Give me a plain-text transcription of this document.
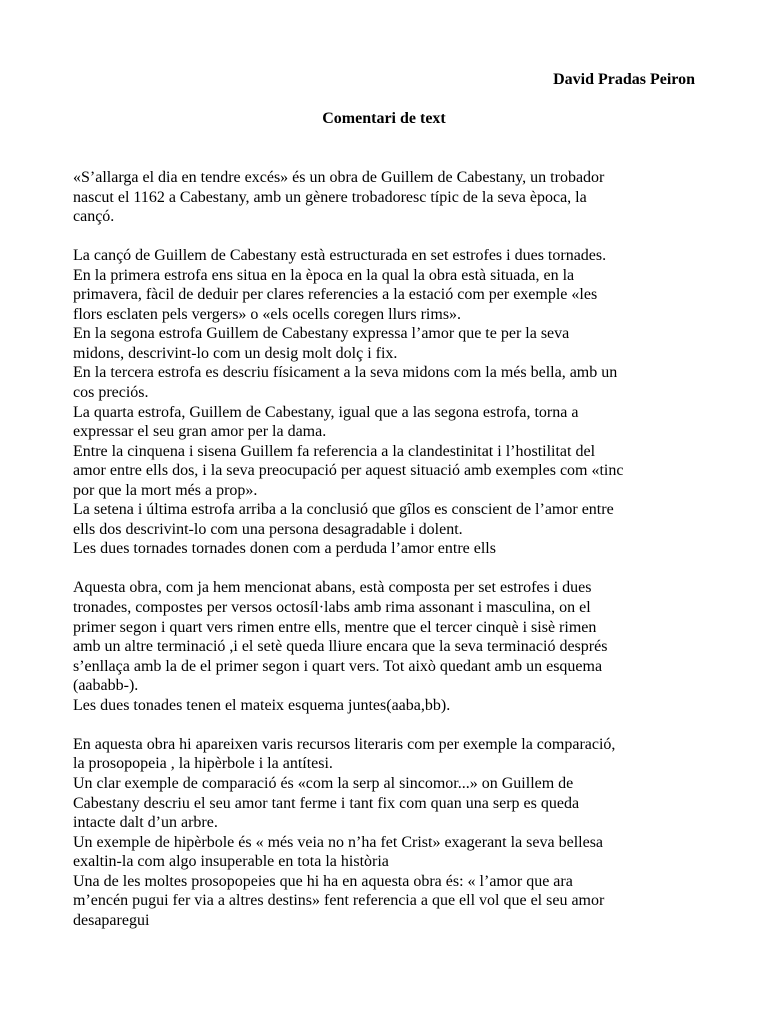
David Pradas Peiron
Comentari de text
«S’allarga el dia en tendre excés» és un obra de Guillem de Cabestany, un trobador
nascut el 1162 a Cabestany, amb un gènere trobadoresc típic de la seva època, la
cançó.
La cançó de Guillem de Cabestany està estructurada en set estrofes i dues tornades.
En la primera estrofa ens situa en la època en la qual la obra està situada, en la
primavera, fàcil de deduir per clares referencies a la estació com per exemple «les
flors esclaten pels vergers» o «els ocells coregen llurs rims».
En la segona estrofa Guillem de Cabestany expressa l’amor que te per la seva
midons, descrivint-lo com un desig molt dolç i fix.
En la tercera estrofa es descriu físicament a la seva midons com la més bella, amb un
cos preciós.
La quarta estrofa, Guillem de Cabestany, igual que a las segona estrofa, torna a
expressar el seu gran amor per la dama.
Entre la cinquena i sisena Guillem fa referencia a la clandestinitat i l’hostilitat del
amor entre ells dos, i la seva preocupació per aquest situació amb exemples com «tinc
por que la mort més a prop».
La setena i última estrofa arriba a la conclusió que gîlos es conscient de l’amor entre
ells dos descrivint-lo com una persona desagradable i dolent.
Les dues tornades tornades donen com a perduda l’amor entre ells
Aquesta obra, com ja hem mencionat abans, està composta per set estrofes i dues
tronades, compostes per versos octosíl·labs amb rima assonant i masculina, on el
primer segon i quart vers rimen entre ells, mentre que el tercer cinquè i sisè rimen
amb un altre terminació ,i el setè queda lliure encara que la seva terminació després
s’enllaça amb la de el primer segon i quart vers. Tot això quedant amb un esquema
(aababb-).
Les dues tonades tenen el mateix esquema juntes(aaba,bb).
En aquesta obra hi apareixen varis recursos literaris com per exemple la comparació,
la prosopopeia , la hipèrbole i la antítesi.
Un clar exemple de comparació és «com la serp al sincomor...» on Guillem de
Cabestany descriu el seu amor tant ferme i tant fix com quan una serp es queda
intacte dalt d’un arbre.
Un exemple de hipèrbole és « més veia no n’ha fet Crist» exagerant la seva bellesa
exaltin-la com algo insuperable en tota la història
Una de les moltes prosopopeies que hi ha en aquesta obra és: « l’amor que ara
m’encén pugui fer via a altres destins» fent referencia a que ell vol que el seu amor
desaparegui
